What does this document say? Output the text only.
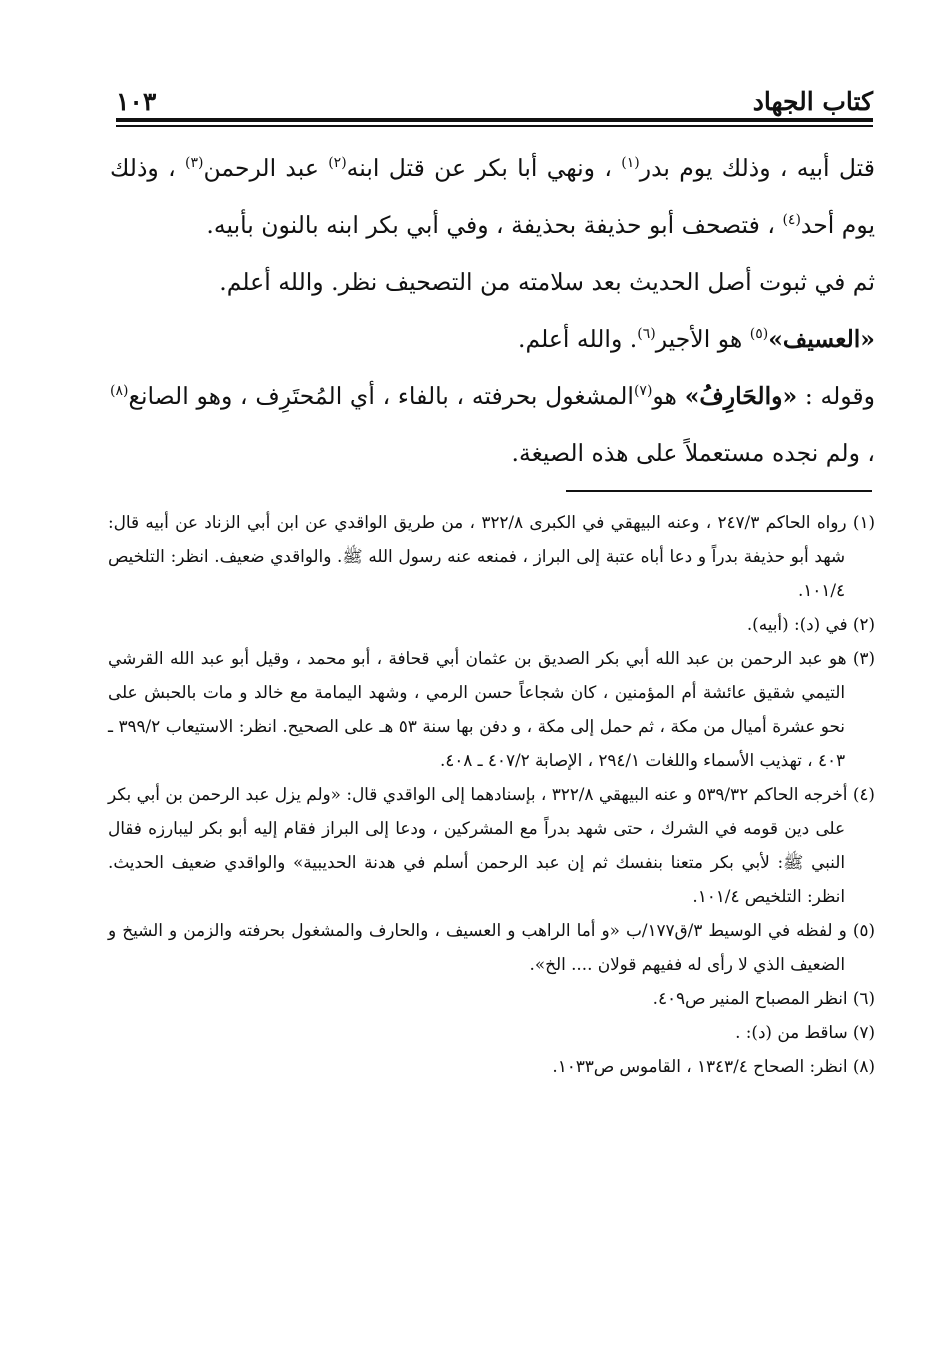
كتاب الجهاد
١٠٣

قتل أبيه ، وذلك يوم بدر$^{(١)}$ ، ونهي أبا بكر عن قتل ابنه$^{(٢)}$ عبد الرحمن$^{(٣)}$ ، وذلك يوم أحد$^{(٤)}$ ، فتصحف أبو حذيفة بحذيفة ، وفي أبي بكر ابنه بالنون بأبيه.

ثم في ثبوت أصل الحديث بعد سلامته من التصحيف نظر. والله أعلم.

«العسيف»$^{(٥)}$ هو الأجير$^{(٦)}$. والله أعلم.

وقوله : «والحَارِفُ» هو$^{(٧)}$المشغول بحرفته ، بالفاء ، أي المُحتَرِف ، وهو الصانع$^{(٨)}$ ، ولم نجده مستعملاً على هذه الصيغة.

(١) رواه الحاكم ٢٤٧/٣ ، وعنه البيهقي في الكبرى ٣٢٢/٨ ، من طريق الواقدي عن ابن أبي الزناد عن أبيه قال: شهد أبو حذيفة بدراً و دعا أباه عتبة إلى البراز ، فمنعه عنه رسول الله ﷺ. والواقدي ضعيف. انظر: التلخيص ١٠١/٤.

(٢) في (د): (أبيه).

(٣) هو عبد الرحمن بن عبد الله أبي بكر الصديق بن عثمان أبي قحافة ، أبو محمد ، وقيل أبو عبد الله القرشي التيمي شقيق عائشة أم المؤمنين ، كان شجاعاً حسن الرمي ، وشهد اليمامة مع خالد و مات بالحبش على نحو عشرة أميال من مكة ، ثم حمل إلى مكة ، و دفن بها سنة ٥٣ هـ على الصحيح. انظر: الاستيعاب ٣٩٩/٢ ـ ٤٠٣ ، تهذيب الأسماء واللغات ٢٩٤/١ ، الإصابة ٤٠٧/٢ ـ ٤٠٨.

(٤) أخرجه الحاكم ٥٣٩/٣٢ و عنه البيهقي ٣٢٢/٨ ، بإسنادهما إلى الواقدي قال: «ولم يزل عبد الرحمن بن أبي بكر على دين قومه في الشرك ، حتى شهد بدراً مع المشركين ، ودعا إلى البراز فقام إليه أبو بكر ليبارزه فقال النبي ﷺ: لأبي بكر متعنا بنفسك ثم إن عبد الرحمن أسلم في هدنة الحديبية» والواقدي ضعيف الحديث. انظر: التلخيص ١٠١/٤.

(٥) و لفظه في الوسيط ٣/ق١٧٧/ب «و أما الراهب و العسيف ، والحارف والمشغول بحرفته والزمن و الشيخ و الضعيف الذي لا رأى له ففيهم قولان .... الخ».

(٦) انظر المصباح المنير ص٤٠٩.

(٧) ساقط من (د): .

(٨) انظر: الصحاح ١٣٤٣/٤ ، القاموس ص١٠٣٣.
